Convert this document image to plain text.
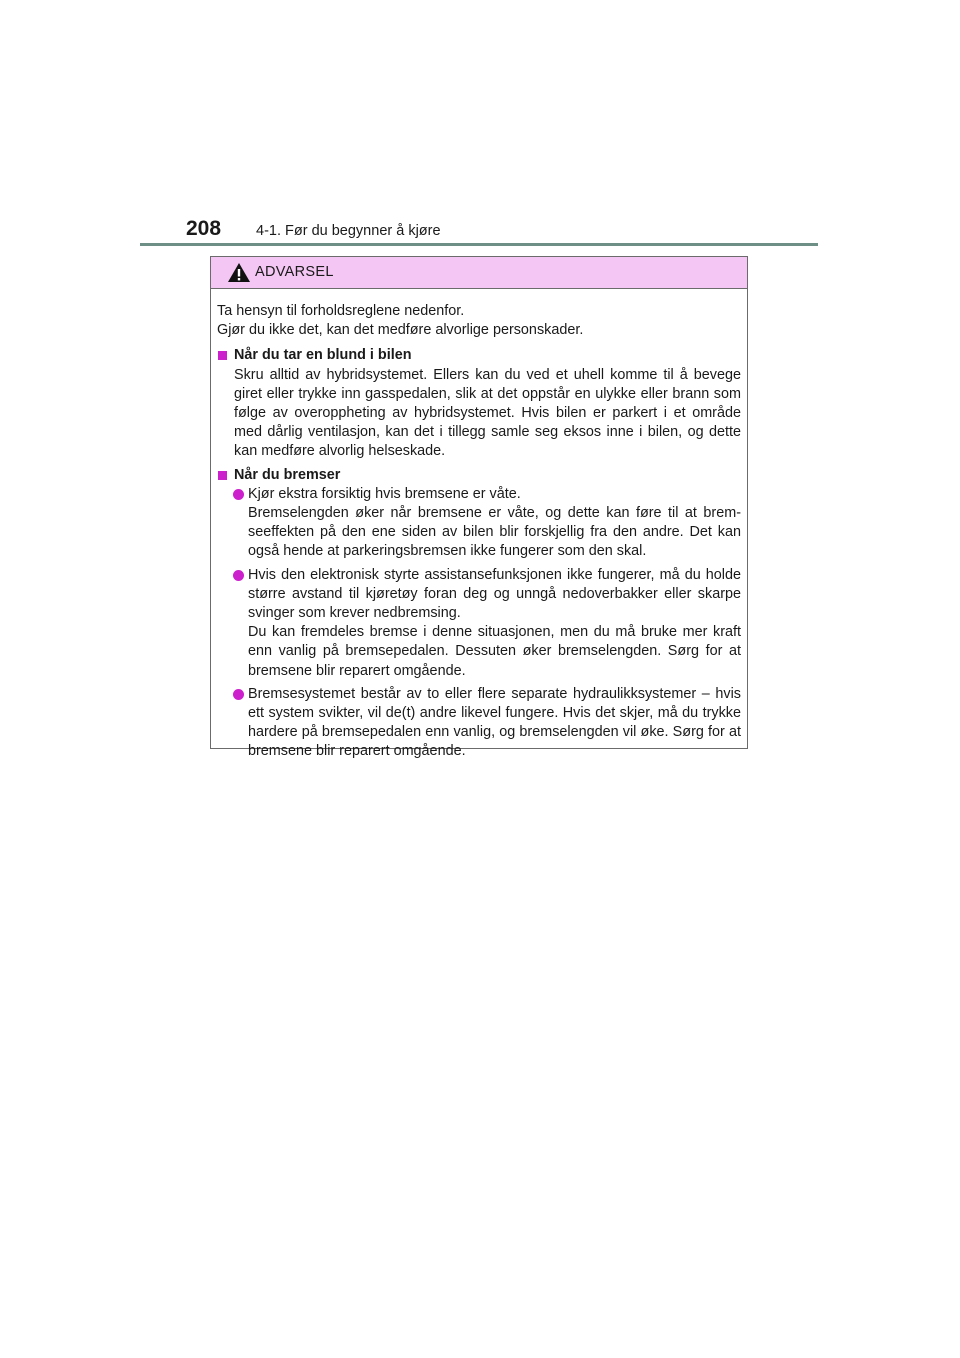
208 4-1. Før du begynner å kjøre
ADVARSEL

Ta hensyn til forholdsreglene nedenfor.

Gjør du ikke det, kan det medføre alvorlige personskader.

Når du tar en blund i bilen

Skru alltid av hybridsystemet. Ellers kan du ved et uhell komme til å bevege giret eller trykke inn gasspedalen, slik at det oppstår en ulykke eller brann som følge av overoppheting av hybridsystemet. Hvis bilen er parkert i et område med dårlig ventilasjon, kan det i tillegg samle seg eksos inne i bilen, og dette kan medføre alvorlig helseskade.

Når du bremser

Kjør ekstra forsiktig hvis bremsene er våte.

Bremselengden øker når bremsene er våte, og dette kan føre til at brem-seeffekten på den ene siden av bilen blir forskjellig fra den andre. Det kan også hende at parkeringsbremsen ikke fungerer som den skal.

Hvis den elektronisk styrte assistansefunksjonen ikke fungerer, må du holde større avstand til kjøretøy foran deg og unngå nedoverbakker eller skarpe svinger som krever nedbremsing.

Du kan fremdeles bremse i denne situasjonen, men du må bruke mer kraft enn vanlig på bremsepedalen. Dessuten øker bremselengden. Sørg for at bremsene blir reparert omgående.

Bremsesystemet består av to eller flere separate hydraulikksystemer – hvis ett system svikter, vil de(t) andre likevel fungere. Hvis det skjer, må du trykke hardere på bremsepedalen enn vanlig, og bremselengden vil øke. Sørg for at bremsene blir reparert omgående.
